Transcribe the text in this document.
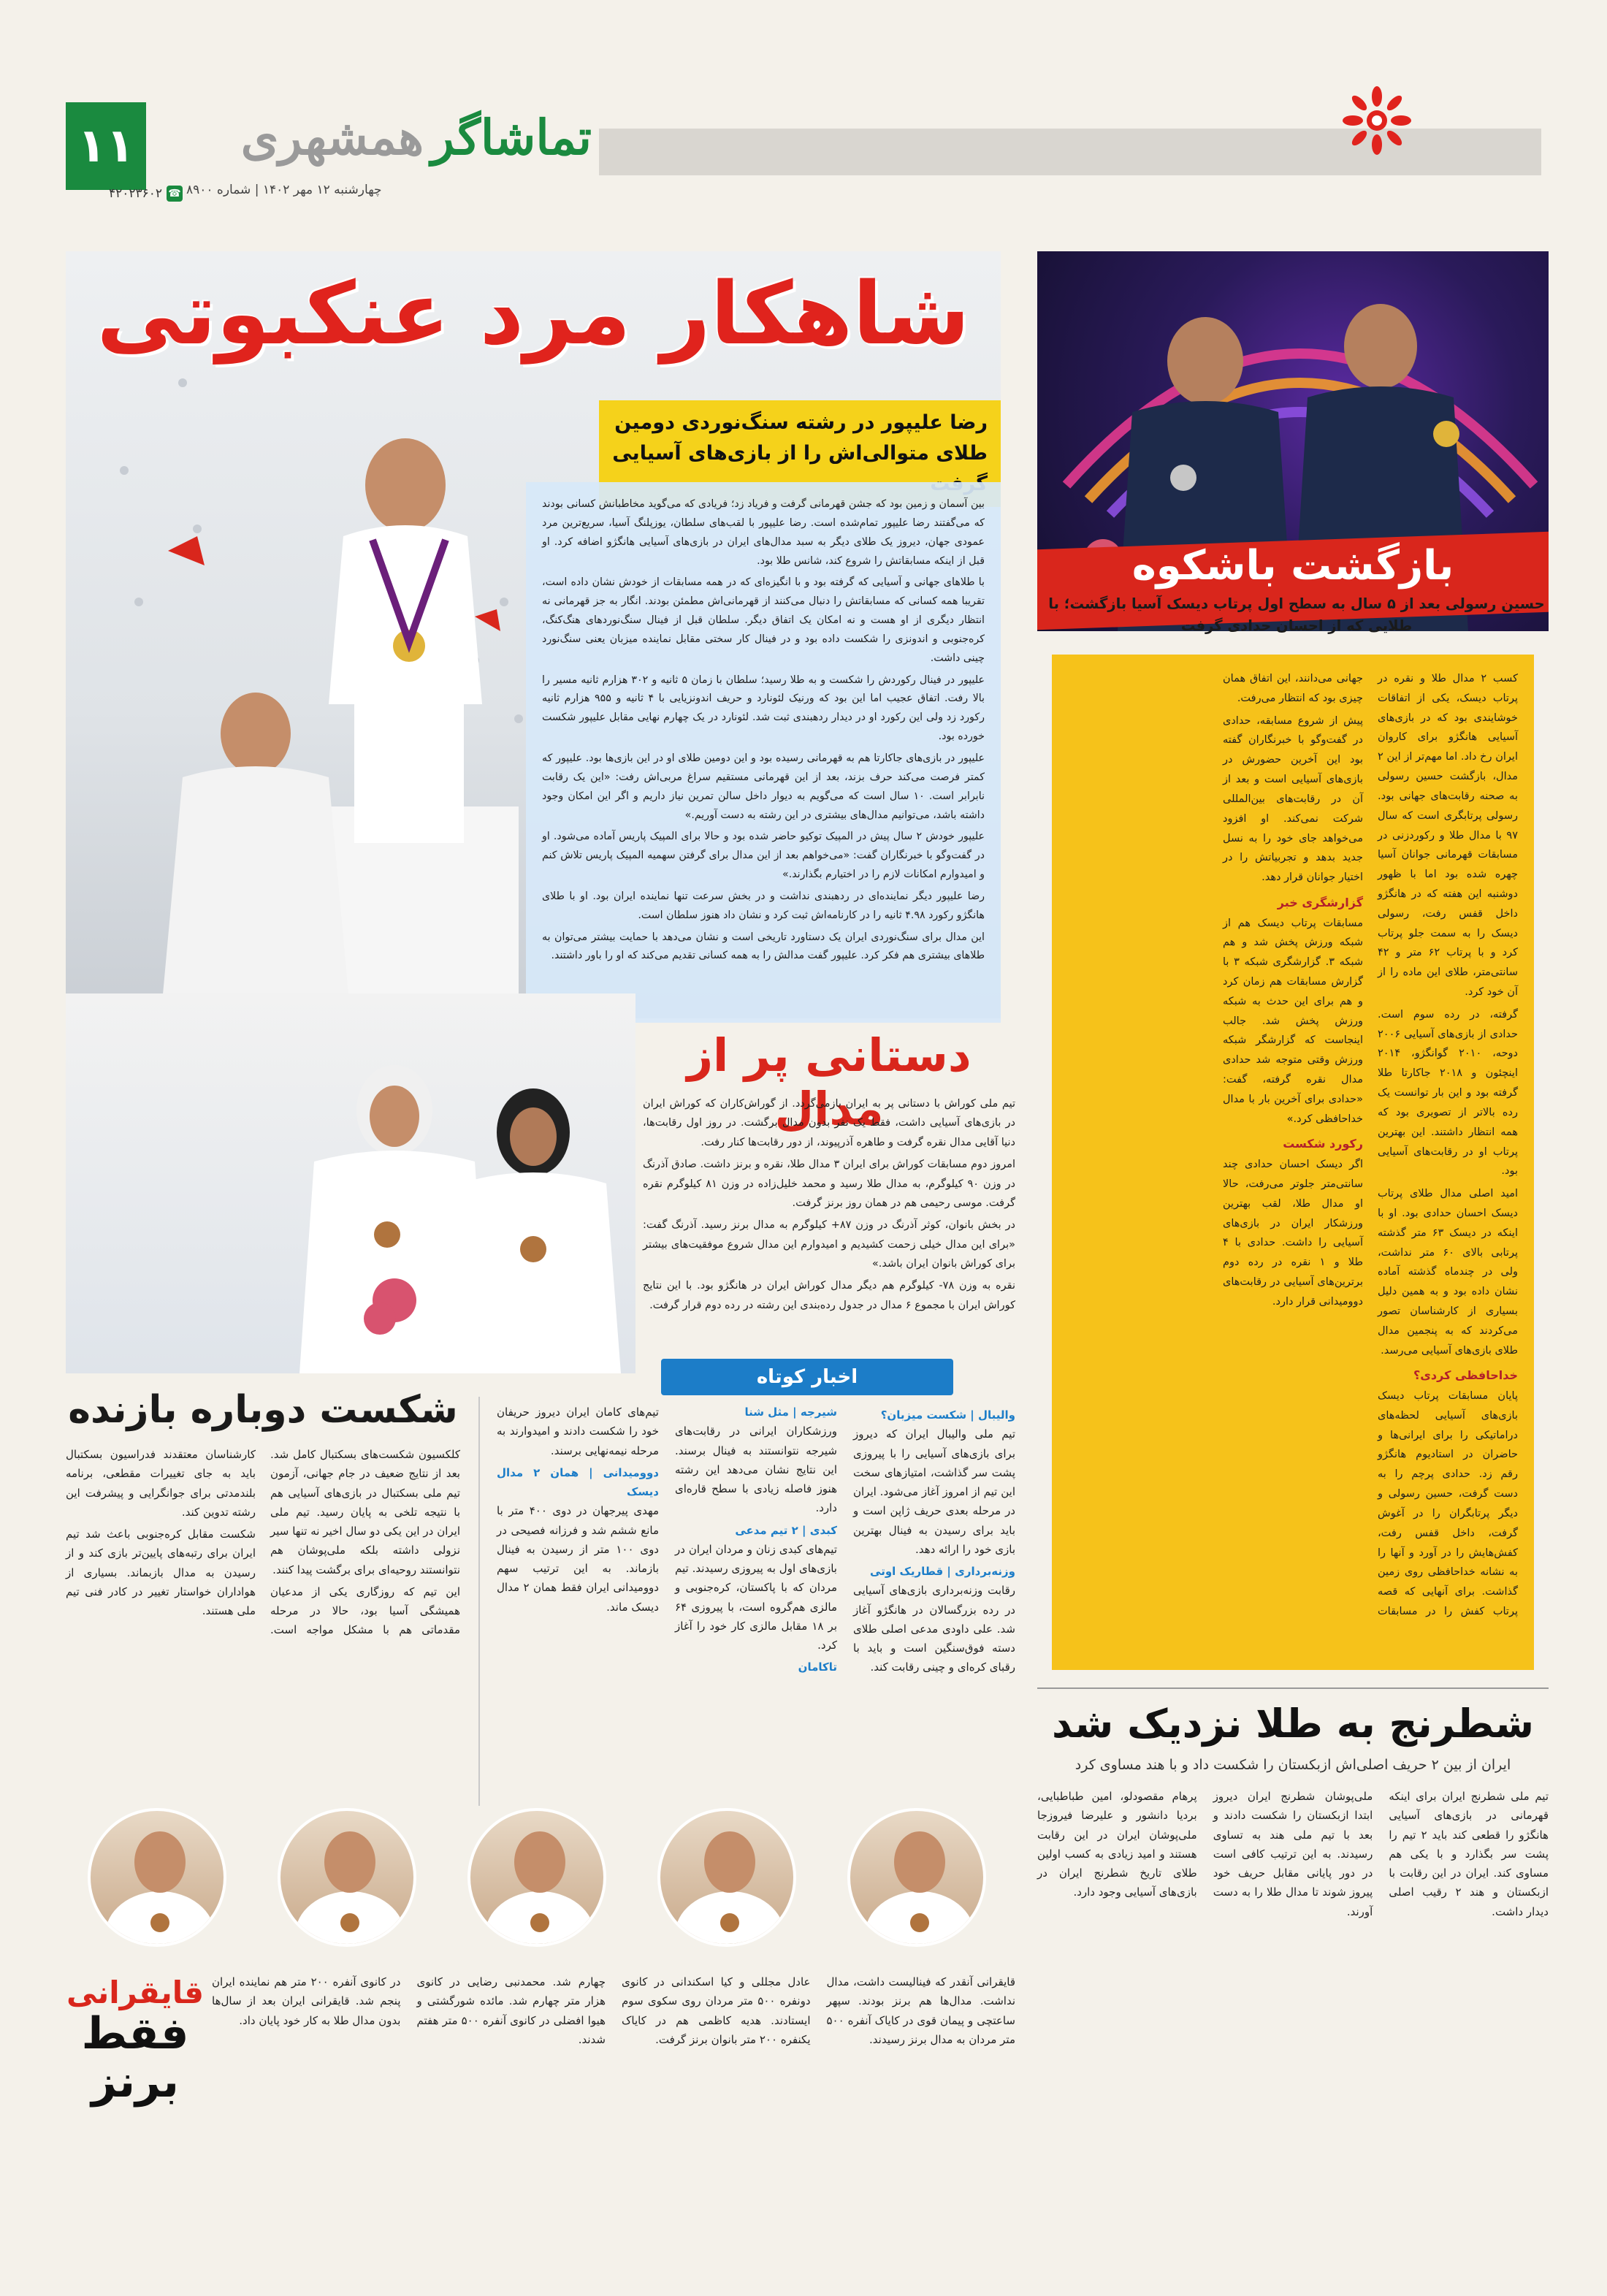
۱۱
☎
۴۲۰۲۳۶۰۲
تماشاگر
همشهری
چهارشنبه ۱۲ مهر ۱۴۰۲ | شماره ۸۹۰۰
شاهکار مرد عنکبوتی
رضا علیپور در رشته سنگ‌نوردی دومین طلای متوالی‌اش را از بازی‌های آسیایی

بین آسمان و زمین بود که جشن قهرمانی گرفت و فریاد زد؛ فریادی که می‌گوید مخاطبانش کسانی بودند که می‌گفتند رضا علیپور تمام‌شده است. رضا علیپور با لقب‌های سلطان، یوزپلنگ آسیا، سریع‌ترین مرد عمودی جهان، دیروز یک طلای دیگر به سبد مدال‌های ایران در بازی‌های آسیایی هانگژو اضافه کرد. او قبل از اینکه مسابقاتش را شروع کند، شانس طلا بود.

با طلاهای جهانی و آسیایی که گرفته بود و با انگیزه‌ای که در همه مسابقات از خودش نشان داده است، تقریبا همه کسانی که مسابقاتش را دنبال می‌کنند از قهرمانی‌اش مطمئن بودند. انگار به جز قهرمانی نه انتظار دیگری از او هست و نه امکان یک اتفاق دیگر. سلطان قبل از فینال سنگ‌نوردهای هنگ‌کنگ، کره‌جنوبی و اندونزی را شکست داده بود و در فینال کار سختی مقابل نماینده میزبان یعنی سنگ‌نورد چینی داشت.

علیپور در فینال رکوردش را شکست و به طلا رسید؛ سلطان با زمان ۵ ثانیه و ۳۰۲ هزارم ثانیه مسیر را بالا رفت. اتفاق عجیب اما این بود که ورنیک لئونارد و حریف اندونزیایی با ۴ ثانیه و ۹۵۵ هزارم ثانیه رکورد زد ولی این رکورد او در دیدار ردهبندی ثبت شد. لئونارد در یک چهارم نهایی مقابل علیپور شکست خورده بود.

علیپور در بازی‌های جاکارتا هم به قهرمانی رسیده بود و این دومین طلای او در این بازی‌ها بود. علیپور که کمتر فرصت می‌کند حرف بزند، بعد از این قهرمانی مستقیم سراغ مربی‌اش رفت: «این یک رقابت نابرابر است. ۱۰ سال است که می‌گویم به دیوار داخل سالن تمرین نیاز داریم و اگر این امکان وجود داشته باشد، می‌توانیم مدال‌های بیشتری در این رشته به دست آوریم.»

علیپور خودش ۲ سال پیش در المپیک توکیو حاضر شده بود و حالا برای المپیک پاریس آماده می‌شود. او در گفت‌وگو با خبرنگاران گفت: «می‌خواهم بعد از این مدال برای گرفتن سهمیه المپیک پاریس تلاش کنم و امیدوارم امکانات لازم را در اختیارم بگذارند.»

رضا علیپور دیگر نماینده‌ای در ردهبندی نداشت و در بخش سرعت تنها نماینده ایران بود. او با طلای هانگژو رکورد ۴.۹۸ ثانیه را در کارنامه‌اش ثبت کرد و نشان داد هنوز سلطان است.

این مدال برای سنگ‌نوردی ایران یک دستاورد تاریخی است و نشان می‌دهد با حمایت بیشتر می‌توان به طلاهای بیشتری هم فکر کرد. علیپور گفت مدالش را به همه کسانی تقدیم می‌کند که او را باور داشتند.

بازگشت باشکوه
حسین رسولی بعد از ۵ سال به سطح اول پرتاب دیسک آسیا بازگشت؛ با طلایی که از احسان حدادی گرفت

کسب ۲ مدال طلا و نقره در پرتاب دیسک، یکی از اتفاقات خوشایندی بود که در بازی‌های آسیایی هانگژو برای کاروان ایران رخ داد. اما مهم‌تر از این ۲ مدال، بازگشت حسین رسولی به صحنه رقابت‌های جهانی بود. رسولی پرتابگری است که سال ۹۷ با مدال طلا و رکوردزنی در مسابقات قهرمانی جوانان آسیا چهره شده بود اما با ظهور دوشنبه این هفته که در هانگژو داخل قفس رفت، رسولی دیسک را به سمت جلو پرتاب کرد و با پرتاب ۶۲ متر و ۴۲ سانتی‌متر، طلای این ماده را از آن خود کرد.

گرفته، در رده سوم است. حدادی از بازی‌های آسیایی ۲۰۰۶ دوحه، ۲۰۱۰ گوانگژو، ۲۰۱۴ اینچئون و ۲۰۱۸ جاکارتا طلا گرفته بود و این بار توانست یک رده بالاتر از تصویری بود که همه انتظار داشتند. این بهترین پرتاب او در رقابت‌های آسیایی بود.

امید اصلی مدال طلای پرتاب دیسک احسان حدادی بود. او با اینکه در دیسک ۶۳ متر گذشته پرتابی بالای ۶۰ متر نداشت، ولی در چندماه گذشته آماده نشان داده بود و به همین دلیل بسیاری از کارشناسان تصور می‌کردند که به پنجمین مدال طلای بازی‌های آسیایی می‌رسد.

خداحافظی کردی؟

پایان مسابقات پرتاب دیسک بازی‌های آسیایی لحظه‌های دراماتیکی را برای ایرانی‌ها و حاضران در استادیوم هانگژو رقم زد. حدادی پرچم را به دست گرفت، حسین رسولی و دیگر پرتابگران را در آغوش گرفت، داخل قفس رفت، کفش‌هایش را در آورد و آنها را به نشانه خداحافظی روی زمین گذاشت. برای آنهایی که قصه پرتاب کفش را در مسابقات جهانی می‌دانند، این اتفاق همان چیزی بود که انتظار می‌رفت.

پیش از شروع مسابقه، حدادی در گفت‌وگو با خبرنگاران گفته بود این آخرین حضورش در بازی‌های آسیایی است و بعد از آن در رقابت‌های بین‌المللی شرکت نمی‌کند. او افزود می‌خواهد جای خود را به نسل جدید بدهد و تجربیاتش را در اختیار جوانان قرار دهد.

گزارشگری خبر

مسابقات پرتاب دیسک هم از شبکه ورزش پخش شد و هم شبکه ۳. گزارشگری شبکه ۳ با گزارش مسابقات هم زمان کرد و هم برای این حدث به شبکه ورزش پخش شد. جالب اینجاست که گزارشگر شبکه ورزش وقتی متوجه شد حدادی مدال نقره گرفته، گفت: «حدادی برای آخرین بار با مدال خداحافظی کرد.»

رکورد شکست

اگر دیسک احسان حدادی چند سانتی‌متر جلوتر می‌رفت، حالا او مدال طلا، لقب بهترین ورزشکار ایران در بازی‌های آسیایی را داشت. حدادی با ۴ طلا و ۱ نقره در رده دوم برترین‌های آسیایی در رقابت‌های دوومیدانی قرار دارد.

دستانی پر از مدال

تیم ملی کوراش با دستانی پر به ایران بازمی‌گردد. از گوراش‌کاران که کوراش ایران در بازی‌های آسیایی داشت، فقط یک نفر بدون مدال برگشت. در روز اول رقابت‌ها، دنیا آقایی مدال نقره گرفت و طاهره آذرپیوند، از دور رقابت‌ها کنار رفت.

امروز دوم مسابقات کوراش برای ایران ۳ مدال طلا، نقره و برنز داشت. صادق آذرنگ در وزن ۹۰ کیلوگرم، به مدال طلا رسید و محمد خلیل‌زاده در وزن ۸۱ کیلوگرم نقره گرفت. موسی رحیمی هم در همان روز برنز گرفت.

در بخش بانوان، کوثر آذرنگ در وزن ۸۷+ کیلوگرم به مدال برنز رسید. آذرنگ گفت: «برای این مدال خیلی زحمت کشیدیم و امیدوارم این مدال شروع موفقیت‌های بیشتر برای کوراش بانوان ایران باشد.»

نقره به وزن ۷۸- کیلوگرم هم دیگر مدال کوراش ایران در هانگژو بود. با این نتایج کوراش ایران با مجموع ۶ مدال در جدول رده‌بندی این رشته در رده دوم قرار گرفت.

اخبار کوتاه
والیبال | شکست میزبان؟

تیم ملی والیبال ایران که دیروز برای بازی‌های آسیایی را با پیروزی پشت سر گذاشت، امتیازهای سخت این تیم از امروز آغاز می‌شود. ایران در مرحله بعدی حریف ژاپن است و باید برای رسیدن به فینال بهترین بازی خود را ارائه دهد.

وزنه‌برداری | قطاریک اوتی

رقابت وزنه‌برداری بازی‌های آسیایی در رده بزرگسالان در هانگژو آغاز شد. علی داودی مدعی اصلی طلای دسته فوق‌سنگین است و باید با رقبای کره‌ای و چینی رقابت کند.

شیرجه | مثل شنا

ورزشکاران ایرانی در رقابت‌های شیرجه نتوانستند به فینال برسند. این نتایج نشان می‌دهد این رشته هنوز فاصله زیادی با سطح قاره‌ای دارد.

کبدی | ۲ تیم مدعی

تیم‌های کبدی زنان و مردان ایران در بازی‌های اول به پیروزی رسیدند. تیم مردان که با پاکستان، کره‌جنوبی و مالزی هم‌گروه است، با پیروزی ۶۴ بر ۱۸ مقابل مالزی کار خود را آغاز کرد.

تاکامان

تیم‌های کامان ایران دیروز حریفان خود را شکست دادند و امیدوارند به مرحله نیمه‌نهایی برسند.

دوومیدانی | همان ۲ مدال دیسک

مهدی پیرجهان در دوی ۴۰۰ متر با مانع ششم شد و فرزانه فصیحی در دوی ۱۰۰ متر از رسیدن به فینال بازماند. به این ترتیب سهم دوومیدانی ایران فقط همان ۲ مدال دیسک ماند.

شکست دوباره بازنده

کلکسیون شکست‌های بسکتبال کامل شد. بعد از نتایج ضعیف در جام جهانی، آزمون تیم ملی بسکتبال در بازی‌های آسیایی هم با نتیجه تلخی به پایان رسید. تیم ملی ایران در این یکی دو سال اخیر نه تنها سیر نزولی داشته بلکه ملی‌پوشان هم نتوانستند روحیه‌ای برای برگشت پیدا کنند.

این تیم که روزگاری یکی از مدعیان همیشگی آسیا بود، حالا در مرحله مقدماتی هم با مشکل مواجه است. کارشناسان معتقدند فدراسیون بسکتبال باید به جای تغییرات مقطعی، برنامه بلندمدتی برای جوانگرایی و پیشرفت این رشته تدوین کند.

شکست مقابل کره‌جنوبی باعث شد تیم ایران برای رتبه‌های پایین‌تر بازی کند و از رسیدن به مدال بازبماند. بسیاری از هواداران خواستار تغییر در کادر فنی تیم ملی هستند.

قایقرانی
فقط برنز

قایقرانی آنقدر که فینالیست داشت، مدال نداشت. مدال‌ها هم برنز بودند. سپهر ساعتچی و پیمان قوی در کایاک آنفره ۵۰۰ متر مردان به مدال برنز رسیدند.

عادل مجللی و کیا اسکندانی در کانوی دونفره ۵۰۰ متر مردان روی سکوی سوم ایستادند. هدیه کاظمی هم در کایاک یکنفره ۲۰۰ متر بانوان برنز گرفت.

چهارم شد. محمدنبی رضایی در کانوی هزار متر چهارم شد. مائده شورگشتی و هیوا افضلی در کانوی آنفره ۵۰۰ متر هفتم شدند.

در کانوی آنفره ۲۰۰ متر هم نماینده ایران پنجم شد. قایقرانی ایران بعد از سال‌ها بدون مدال طلا به کار خود پایان داد.

شطرنج به طلا نزدیک شد
ایران از بین ۲ حریف اصلی‌اش ازبکستان را شکست داد و با هند مساوی کرد

تیم ملی شطرنج ایران برای اینکه قهرمانی در بازی‌های آسیایی هانگژو را قطعی کند باید ۲ تیم را پشت سر بگذارد و با یکی هم مساوی کند. ایران در این رقابت با ازبکستان و هند ۲ رقیب اصلی دیدار داشت.

ملی‌پوشان شطرنج ایران دیروز ابتدا ازبکستان را شکست دادند و بعد با تیم ملی هند به تساوی رسیدند. به این ترتیب کافی است در دور پایانی مقابل حریف خود پیروز شوند تا مدال طلا را به دست آورند.

پرهام مقصودلو، امین طباطبایی، بردیا دانشور و علیرضا فیروزجا ملی‌پوشان ایران در این رقابت هستند و امید زیادی به کسب اولین طلای تاریخ شطرنج ایران در بازی‌های آسیایی وجود دارد.
